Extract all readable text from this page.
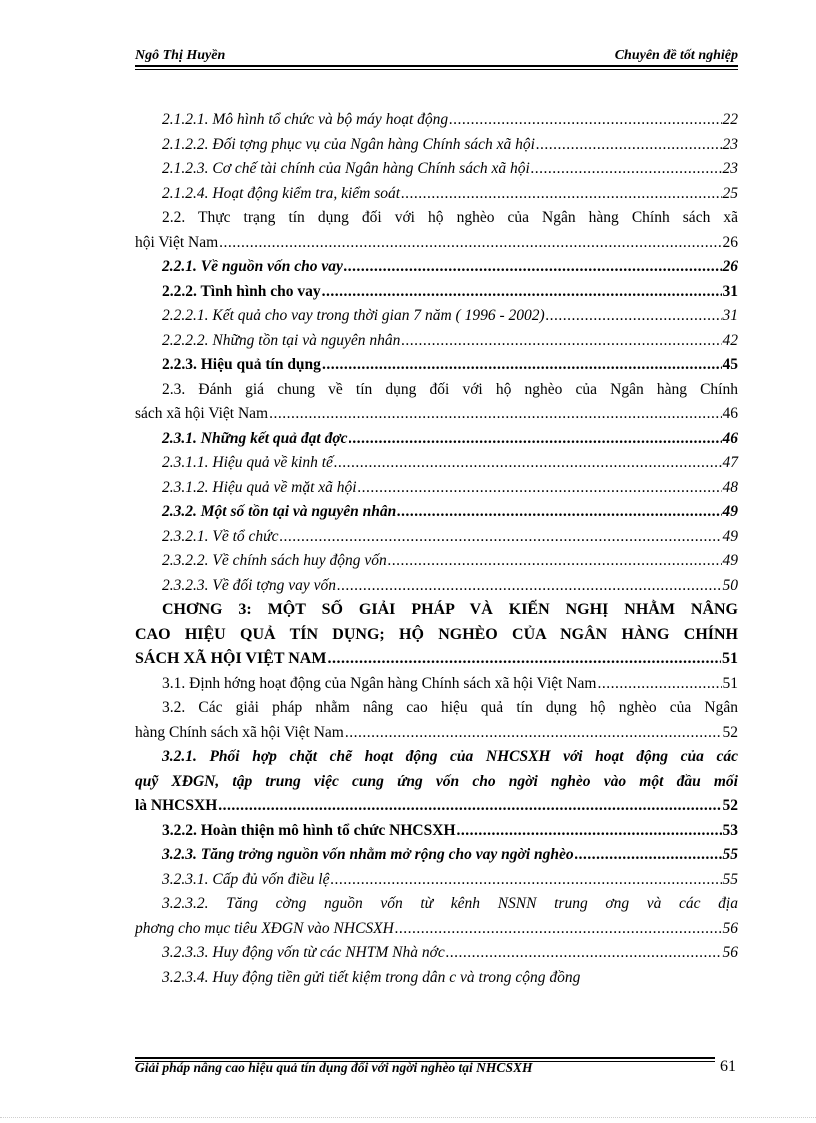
Ngô Thị Huyền	Chuyên đề tốt nghiệp
2.1.2.1. Mô hình tổ chức và bộ máy hoạt động .....	22
2.1.2.2. Đối tợng phục vụ của Ngân hàng Chính sách xã hội .....	23
2.1.2.3. Cơ chế tài chính của Ngân hàng Chính sách xã hội .....	23
2.1.2.4. Hoạt động kiểm tra, kiểm soát .....	25
2.2. Thực trạng tín dụng đối với hộ nghèo của Ngân hàng Chính sách xã
hội Việt Nam .....	26
2.2.1. Về nguồn vốn cho vay .....	26
2.2.2. Tình hình cho vay .....	31
2.2.2.1. Kết quả cho vay trong thời gian 7 năm ( 1996 - 2002) .....	31
2.2.2.2. Những tồn tại và nguyên nhân .....	42
2.2.3. Hiệu quả tín dụng .....	45
2.3. Đánh giá chung về tín dụng đối với hộ nghèo của Ngân hàng Chính
sách xã hội Việt Nam .....	46
2.3.1. Những kết quả đạt đợc .....	46
2.3.1.1. Hiệu quả về kinh tế .....	47
2.3.1.2. Hiệu quả về mặt xã hội .....	48
2.3.2. Một số tồn tại và nguyên nhân .....	49
2.3.2.1. Về tổ chức .....	49
2.3.2.2. Về chính sách huy động vốn .....	49
2.3.2.3. Về đối tợng vay vốn .....	50
CHƠNG 3: MỘT SỐ GIẢI PHÁP VÀ KIẾN NGHỊ NHẰM NÂNG
CAO HIỆU QUẢ TÍN DỤNG; HỘ NGHÈO CỦA NGÂN HÀNG CHÍNH
SÁCH XÃ HỘI VIỆT NAM .....	51
3.1. Định hớng hoạt động của Ngân hàng Chính sách xã hội Việt Nam .....	51
3.2. Các giải pháp nhằm nâng cao hiệu quả tín dụng hộ nghèo của Ngân
hàng Chính sách xã hội Việt Nam .....	52
3.2.1. Phối hợp chặt chẽ hoạt động của NHCSXH với hoạt động của các
quỹ XĐGN, tập trung việc cung ứng vốn cho ngời nghèo vào một đầu mối
là NHCSXH .....	52
3.2.2. Hoàn thiện mô hình tổ chức NHCSXH .....	53
3.2.3. Tăng trởng nguồn vốn nhằm mở rộng cho vay ngời nghèo .....	55
3.2.3.1. Cấp đủ vốn điều lệ .....	55
3.2.3.2. Tăng cờng nguồn vốn từ kênh NSNN trung ơng và các địa
phơng cho mục tiêu XĐGN vào NHCSXH .....	56
3.2.3.3. Huy động vốn từ các NHTM Nhà nớc .....	56
3.2.3.4. Huy động tiền gửi tiết kiệm trong dân c và trong cộng đồng
Giải pháp nâng cao hiệu quả tín dụng đối với ngời nghèo tại NHCSXH	61
